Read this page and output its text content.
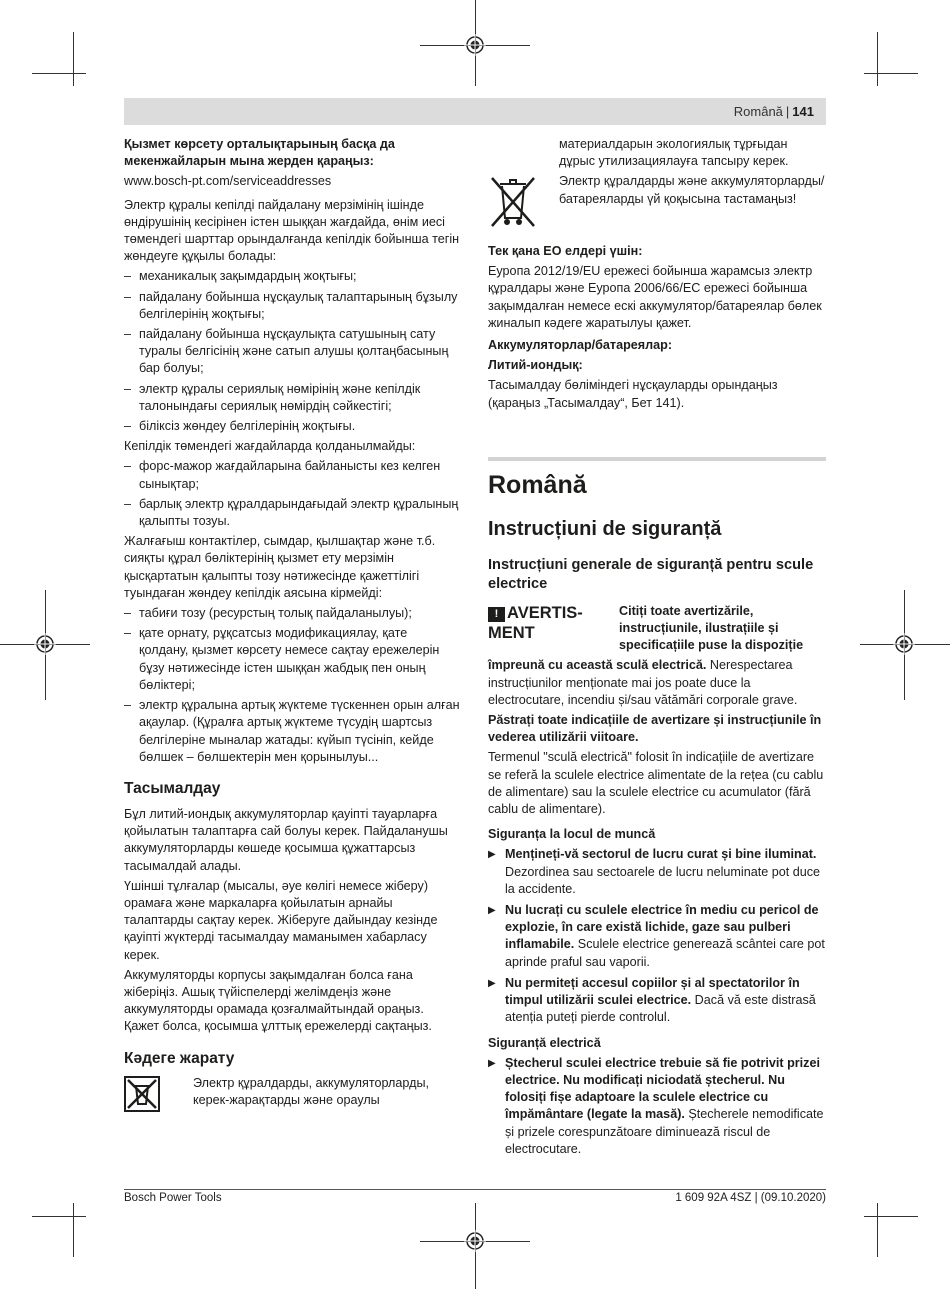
Română | 141

Қызмет көрсету орталықтарының басқа да мекенжайларын мына жерден қараңыз:

www.bosch-pt.com/serviceaddresses

Электр құралы кепілді пайдалану мерзімінің ішінде өндірушінің кесірінен істен шыққан жағдайда, өнім иесі төмендегі шарттар орындалғанда кепілдік бойынша тегін жөндеуге құқылы болады:

– механикалық зақымдардың жоқтығы;
– пайдалану бойынша нұсқаулық талаптарының бұзылу белгілерінің жоқтығы;
– пайдалану бойынша нұсқаулықта сатушының сату туралы белгісінің және сатып алушы қолтаңбасының бар болуы;
– электр құралы сериялық нөмірінің және кепілдік талонындағы сериялық нөмірдің сәйкестігі;
– біліксіз жөндеу белгілерінің жоқтығы.

Кепілдік төмендегі жағдайларда қолданылмайды:

– форс-мажор жағдайларына байланысты кез келген сынықтар;
– барлық электр құралдарындағыдай электр құралының қалыпты тозуы.

Жалғағыш контактілер, сымдар, қылшақтар және т.б. сияқты құрал бөліктерінің қызмет ету мерзімін қысқартатын қалыпты тозу нәтижесінде қажеттілігі туындаған жөндеу кепілдік аясына кірмейді:

– табиғи тозу (ресурстың толық пайдаланылуы);
– қате орнату, рұқсатсыз модификациялау, қате қолдану, қызмет көрсету немесе сақтау ережелерін бұзу нәтижесінде істен шыққан жабдық пен оның бөліктері;
– электр құралына артық жүктеме түскеннен орын алған ақаулар. (Құралға артық жүктеме түсудің шартсыз белгілеріне мыналар жатады: күйып түсініп, кейде бөлшек – бөлшектерін мен қорынылуы...
Тасымалдау

Бұл литий-иондық аккумуляторлар қауіпті тауарларға қойылатын талаптарға сай болуы керек. Пайдаланушы аккумуляторларды көшеде қосымша құжаттарсыз тасымалдай алады.

Үшінші тұлғалар (мысалы, әуе көлігі немесе жіберу) орамаға және маркаларға қойылатын арнайы талаптарды сақтау керек. Жіберуге дайындау кезінде қауіпті жүктерді тасымалдау маманымен хабарласу керек.

Аккумуляторды корпусы зақымдалған болса ғана жіберіңіз. Ашық түйіспелерді желімдеңіз және аккумуляторды орамада қозғалмайтындай ораңыз. Қажет болса, қосымша ұлттық ережелерді сақтаңыз.

Кәдеге жарату

Электр құралдарды, аккумуляторларды, керек-жарақтарды және ораулы

материалдарын экологиялық тұрғыдан дұрыс утилизациялауға тапсыру керек.

Электр құралдарды және аккумуляторларды/ батареяларды үй қоқысына тастамаңыз!

Тек қана ЕО елдері үшін:

Еуропа 2012/19/EU ережесі бойынша жарамсыз электр құралдары және Еуропа 2006/66/EC ережесі бойынша зақымдалған немесе ескі аккумулятор/батареялар бөлек жиналып кәдеге жаратылуы қажет.

Аккумуляторлар/батареялар:

Литий-иондық:

Тасымалдау бөліміндегі нұсқауларды орындаңыз (қараңыз „Тасымалдау“, Бет 141).

Română
Instrucțiuni de siguranță
Instrucțiuni generale de siguranță pentru scule electrice
! AVERTIS-MENT

Citiți toate avertizările, instrucțiunile, ilustrațiile și specificațiile puse la dispoziție

împreună cu această sculă electrică. Nerespectarea instrucțiunilor menționate mai jos poate duce la electrocutare, incendiu și/sau vătămări corporale grave.

Păstrați toate indicațiile de avertizare și instrucțiunile în vederea utilizării viitoare.

Termenul "sculă electrică" folosit în indicațiile de avertizare se referă la sculele electrice alimentate de la rețea (cu cablu de alimentare) sau la sculele electrice cu acumulator (fără cablu de alimentare).

Siguranța la locul de muncă

▶ Mențineți-vă sectorul de lucru curat și bine iluminat. Dezordinea sau sectoarele de lucru neluminate pot duce la accidente.
▶ Nu lucrați cu sculele electrice în mediu cu pericol de explozie, în care există lichide, gaze sau pulberi inflamabile. Sculele electrice generează scântei care pot aprinde praful sau vaporii.
▶ Nu permiteți accesul copiilor și al spectatorilor în timpul utilizării sculei electrice. Dacă vă este distrasă atenția puteți pierde controlul.

Siguranță electrică

▶ Ștecherul sculei electrice trebuie să fie potrivit prizei electrice. Nu modificați niciodată ștecherul. Nu folosiți fișe adaptoare la sculele electrice cu împământare (legate la masă). Ștecherele nemodificate și prizele corespunzătoare diminuează riscul de electrocutare.
Bosch Power Tools	1 609 92A 4SZ | (09.10.2020)
